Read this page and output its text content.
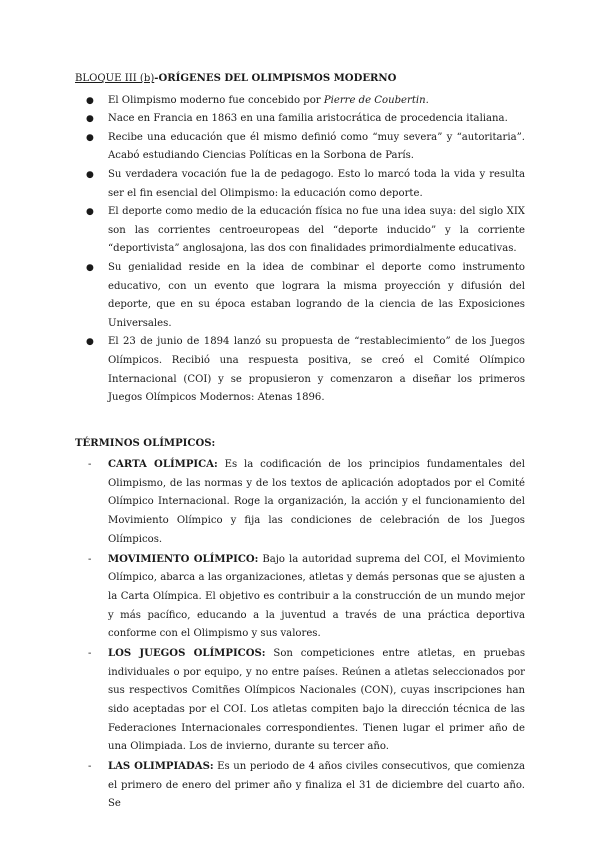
BLOQUE III (b)-ORÍGENES DEL OLIMPISMOS MODERNO

● El Olimpismo moderno fue concebido por Pierre de Coubertin.
● Nace en Francia en 1863 en una familia aristocrática de procedencia italiana.
● Recibe una educación que él mismo definió como “muy severa” y “autoritaria”. Acabó estudiando Ciencias Políticas en la Sorbona de París.
● Su verdadera vocación fue la de pedagogo. Esto lo marcó toda la vida y resulta ser el fin esencial del Olimpismo: la educación como deporte.
● El deporte como medio de la educación física no fue una idea suya: del siglo XIX son las corrientes centroeuropeas del “deporte inducido” y la corriente “deportivista” anglosajona, las dos con finalidades primordialmente educativas.
● Su genialidad reside en la idea de combinar el deporte como instrumento educativo, con un evento que lograra la misma proyección y difusión del deporte, que en su época estaban logrando de la ciencia de las Exposiciones Universales.
● El 23 de junio de 1894 lanzó su propuesta de “restablecimiento” de los Juegos Olímpicos. Recibió una respuesta positiva, se creó el Comité Olímpico Internacional (COI) y se propusieron y comenzaron a diseñar los primeros Juegos Olímpicos Modernos: Atenas 1896.

TÉRMINOS OLÍMPICOS:

- CARTA OLÍMPICA: Es la codificación de los principios fundamentales del Olimpismo, de las normas y de los textos de aplicación adoptados por el Comité Olímpico Internacional. Roge la organización, la acción y el funcionamiento del Movimiento Olímpico y fija las condiciones de celebración de los Juegos Olímpicos.
- MOVIMIENTO OLÍMPICO: Bajo la autoridad suprema del COI, el Movimiento Olímpico, abarca a las organizaciones, atletas y demás personas que se ajusten a la Carta Olímpica. El objetivo es contribuir a la construcción de un mundo mejor y más pacífico, educando a la juventud a través de una práctica deportiva conforme con el Olimpismo y sus valores.
- LOS JUEGOS OLÍMPICOS: Son competiciones entre atletas, en pruebas individuales o por equipo, y no entre países. Reúnen a atletas seleccionados por sus respectivos Comitñes Olímpicos Nacionales (CON), cuyas inscripciones han sido aceptadas por el COI. Los atletas compiten bajo la dirección técnica de las Federaciones Internacionales correspondientes. Tienen lugar el primer año de una Olimpiada. Los de invierno, durante su tercer año.
- LAS OLIMPIADAS: Es un periodo de 4 años civiles consecutivos, que comienza el primero de enero del primer año y finaliza el 31 de diciembre del cuarto año. Se
